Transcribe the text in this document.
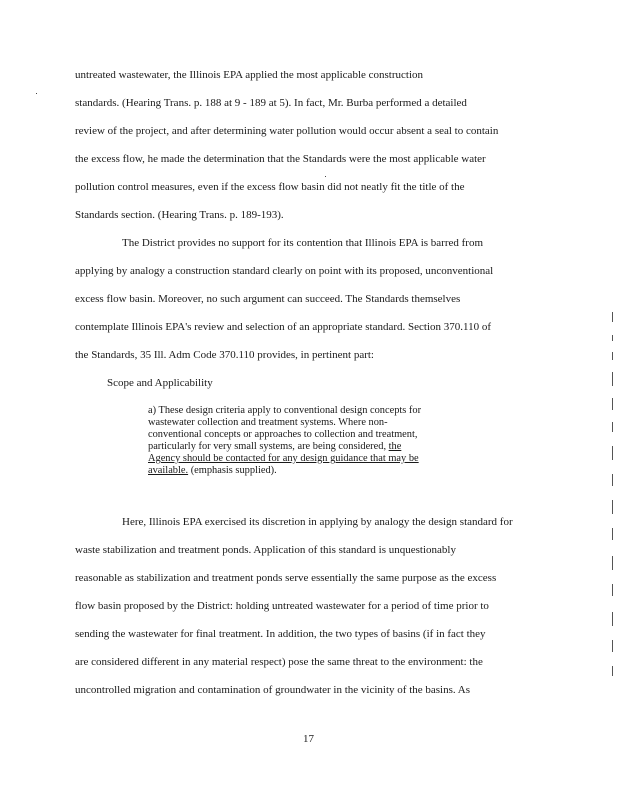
untreated wastewater, the Illinois EPA applied the most applicable construction
standards. (Hearing Trans. p. 188 at 9 - 189 at 5). In fact, Mr. Burba performed a detailed
review of the project, and after determining water pollution would occur absent a seal to contain
the excess flow, he made the determination that the Standards were the most applicable water
pollution control measures, even if the excess flow basin did not neatly fit the title of the
Standards section. (Hearing Trans. p. 189-193).
The District provides no support for its contention that Illinois EPA is barred from
applying by analogy a construction standard clearly on point with its proposed, unconventional
excess flow basin. Moreover, no such argument can succeed. The Standards themselves
contemplate Illinois EPA's review and selection of an appropriate standard. Section 370.110 of
the Standards, 35 Ill. Adm Code 370.110 provides, in pertinent part:
Scope and Applicability
a) These design criteria apply to conventional design concepts for
wastewater collection and treatment systems. Where non-
conventional concepts or approaches to collection and treatment,
particularly for very small systems, are being considered, the
Agency should be contacted for any design guidance that may be
available. (emphasis supplied).
Here, Illinois EPA exercised its discretion in applying by analogy the design standard for
waste stabilization and treatment ponds. Application of this standard is unquestionably
reasonable as stabilization and treatment ponds serve essentially the same purpose as the excess
flow basin proposed by the District: holding untreated wastewater for a period of time prior to
sending the wastewater for final treatment. In addition, the two types of basins (if in fact they
are considered different in any material respect) pose the same threat to the environment: the
uncontrolled migration and contamination of groundwater in the vicinity of the basins. As
17
